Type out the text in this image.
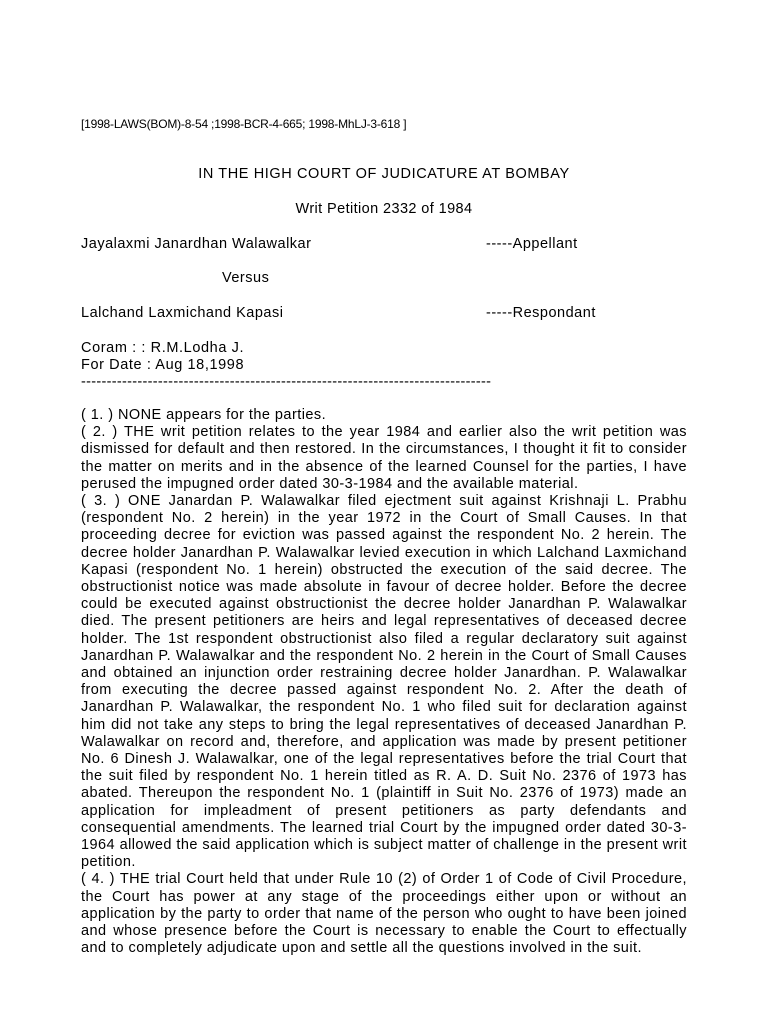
[1998-LAWS(BOM)-8-54 ;1998-BCR-4-665; 1998-MhLJ-3-618 ]
IN THE HIGH COURT OF JUDICATURE AT BOMBAY
Writ Petition 2332 of 1984
Jayalaxmi Janardhan Walawalkar	-----Appellant
Versus
Lalchand Laxmichand Kapasi	-----Respondant
Coram : : R.M.Lodha J.
For Date : Aug 18,1998
--------------------------------------------------------------------------------

( 1. ) NONE appears for the parties.

( 2. ) THE writ petition relates to the year 1984 and earlier also the writ petition was dismissed for default and then restored. In the circumstances, I thought it fit to consider the matter on merits and in the absence of the learned Counsel for the parties, I have perused the impugned order dated 30-3-1984 and the available material.

( 3. ) ONE Janardan P. Walawalkar filed ejectment suit against Krishnaji L. Prabhu (respondent No. 2 herein) in the year 1972 in the Court of Small Causes. In that proceeding decree for eviction was passed against the respondent No. 2 herein. The decree holder Janardhan P. Walawalkar levied execution in which Lalchand Laxmichand Kapasi (respondent No. 1 herein) obstructed the execution of the said decree. The obstructionist notice was made absolute in favour of decree holder. Before the decree could be executed against obstructionist the decree holder Janardhan P. Walawalkar died. The present petitioners are heirs and legal representatives of deceased decree holder. The 1st respondent obstructionist also filed a regular declaratory suit against Janardhan P. Walawalkar and the respondent No. 2 herein in the Court of Small Causes and obtained an injunction order restraining decree holder Janardhan. P. Walawalkar from executing the decree passed against respondent No. 2. After the death of Janardhan P. Walawalkar, the respondent No. 1 who filed suit for declaration against him did not take any steps to bring the legal representatives of deceased Janardhan P. Walawalkar on record and, therefore, and application was made by present petitioner No. 6 Dinesh J. Walawalkar, one of the legal representatives before the trial Court that the suit filed by respondent No. 1 herein titled as R. A. D. Suit No. 2376 of 1973 has abated. Thereupon the respondent No. 1 (plaintiff in Suit No. 2376 of 1973) made an application for impleadment of present petitioners as party defendants and consequential amendments. The learned trial Court by the impugned order dated 30-3-1964 allowed the said application which is subject matter of challenge in the present writ petition.

( 4. ) THE trial Court held that under Rule 10 (2) of Order 1 of Code of Civil Procedure, the Court has power at any stage of the proceedings either upon or without an application by the party to order that name of the person who ought to have been joined and whose presence before the Court is necessary to enable the Court to effectually and to completely adjudicate upon and settle all the questions involved in the suit.
